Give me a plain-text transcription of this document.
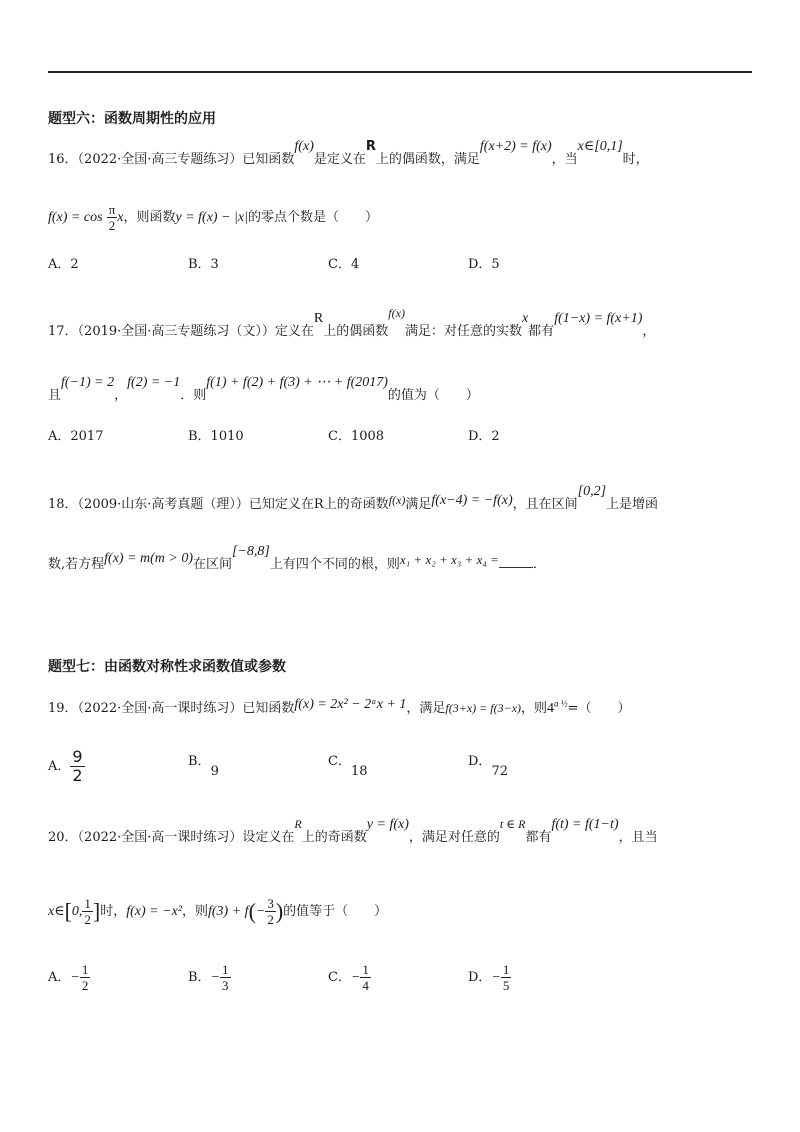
题型六：函数周期性的应用
16．（2022·全国·高三专题练习）已知函数f(x)是定义在R上的偶函数，满足f(x+2) = f(x)，当x∈[0,1]时，
$f(x) = \cos \frac{\pi}{2}$ x，则函数y = f(x) − |x|的零点个数是（　　）
A．2	B．3	C．4	D．5
17．（2019·全国·高三专题练习（文））定义在R上的偶函数f(x)满足：对任意的实数x都有f(1−x) = f(x+1)，
且f(−1) = 2，f(2) = −1．则f(1) + f(2) + f(3) + ⋯ + f(2017)的值为（　　）
A．2017	B．1010	C．1008	D．2
18．（2009·山东·高考真题（理））已知定义在R上的奇函数f(x)满足f(x−4) = −f(x)，且在区间[0,2]上是增函
数,若方程f(x) = m(m > 0)在区间[−8,8]上有四个不同的根，则x₁ + x₂ + x₃ + x₄ =	．
题型七：由函数对称性求函数值或参数
19．（2022·全国·高一课时练习）已知函数f(x) = 2x² − 2ᵃx + 1，满足f(3+x) = f(3−x)，则$4^{a \frac{1}{2}}=$（　　）
A． $\frac{9}{2}$	B．9
C．18
D．72
20．（2022·全国·高一课时练习）设定义在R上的奇函数y = f(x)，满足对任意的t ∈ R都有f(t) = f(1−t)，且当
x∈[0, $\frac{1}{2}$ ]时，f(x) = −x²，则$f(3) + f(- \frac{3}{2}$ )的值等于（　　）
A．− $\frac{1}{2}$	B．− $\frac{1}{3}$	C．− $\frac{1}{4}$	D．− $\frac{1}{5}$
